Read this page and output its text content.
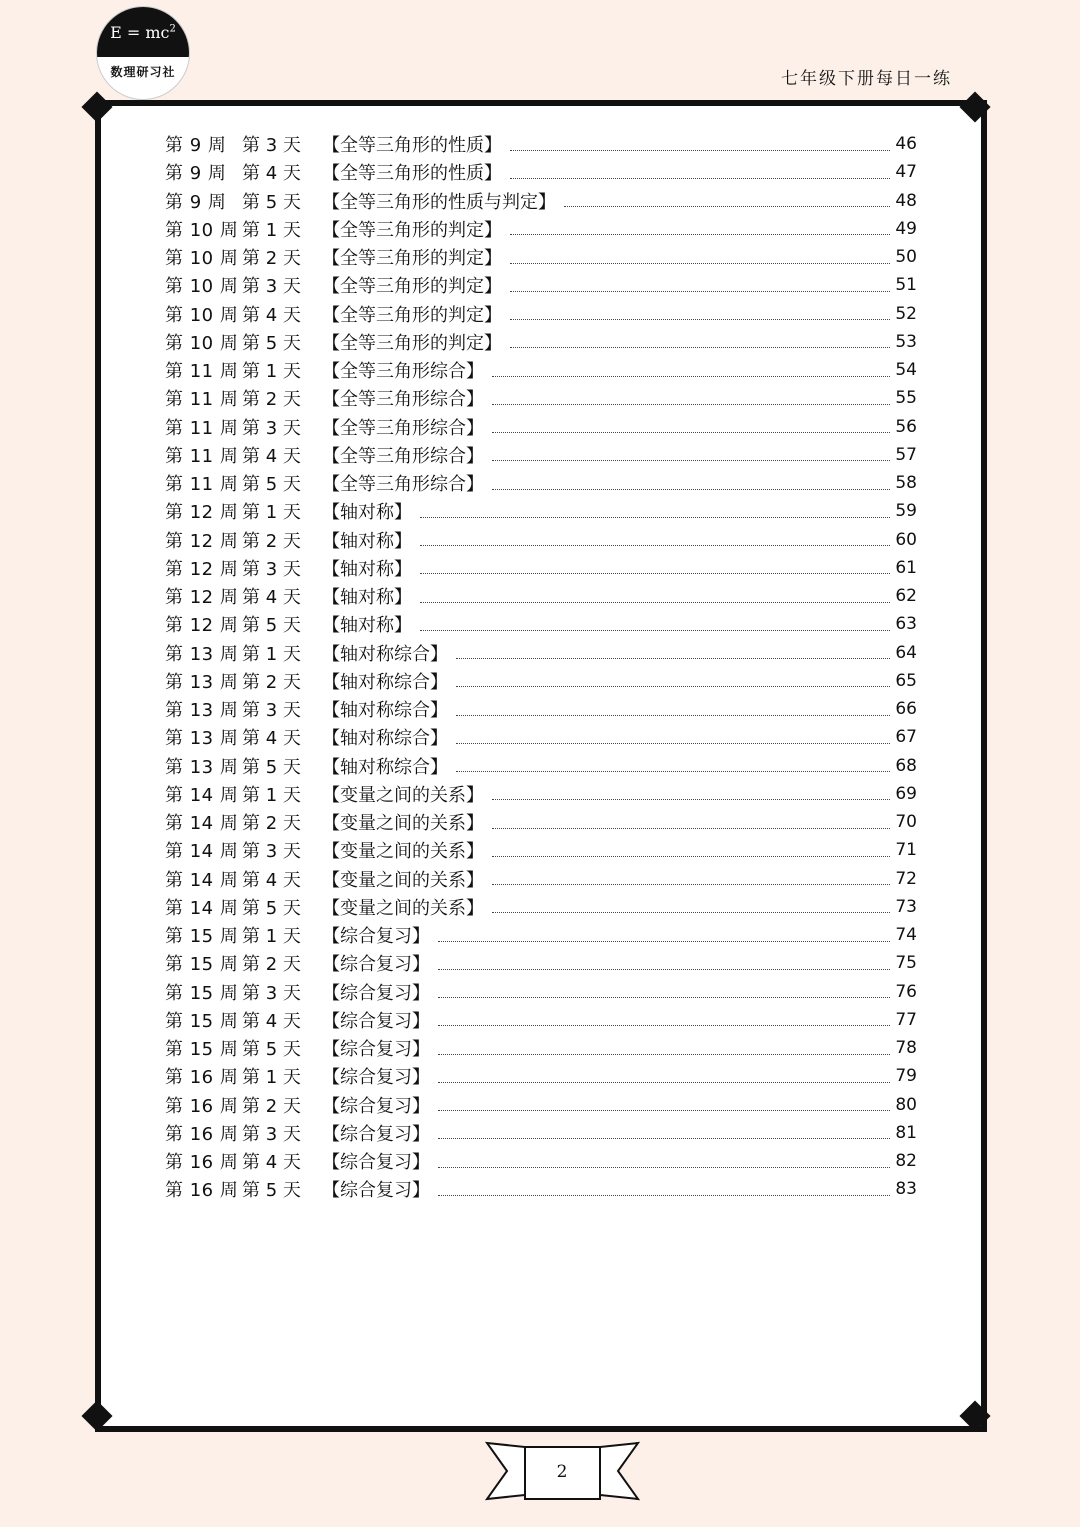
$E = mc^2$
数理研习社	七年级下册每日一练
第 9 周 第 3 天	【全等三角形的性质】	46
第 9 周 第 4 天	【全等三角形的性质】	47
第 9 周 第 5 天	【全等三角形的性质与判定】	48
第 10 周 第 1 天	【全等三角形的判定】	49
第 10 周 第 2 天	【全等三角形的判定】	50
第 10 周 第 3 天	【全等三角形的判定】	51
第 10 周 第 4 天	【全等三角形的判定】	52
第 10 周 第 5 天	【全等三角形的判定】	53
第 11 周 第 1 天	【全等三角形综合】	54
第 11 周 第 2 天	【全等三角形综合】	55
第 11 周 第 3 天	【全等三角形综合】	56
第 11 周 第 4 天	【全等三角形综合】	57
第 11 周 第 5 天	【全等三角形综合】	58
第 12 周 第 1 天	【轴对称】	59
第 12 周 第 2 天	【轴对称】	60
第 12 周 第 3 天	【轴对称】	61
第 12 周 第 4 天	【轴对称】	62
第 12 周 第 5 天	【轴对称】	63
第 13 周 第 1 天	【轴对称综合】	64
第 13 周 第 2 天	【轴对称综合】	65
第 13 周 第 3 天	【轴对称综合】	66
第 13 周 第 4 天	【轴对称综合】	67
第 13 周 第 5 天	【轴对称综合】	68
第 14 周 第 1 天	【变量之间的关系】	69
第 14 周 第 2 天	【变量之间的关系】	70
第 14 周 第 3 天	【变量之间的关系】	71
第 14 周 第 4 天	【变量之间的关系】	72
第 14 周 第 5 天	【变量之间的关系】	73
第 15 周 第 1 天	【综合复习】	74
第 15 周 第 2 天	【综合复习】	75
第 15 周 第 3 天	【综合复习】	76
第 15 周 第 4 天	【综合复习】	77
第 15 周 第 5 天	【综合复习】	78
第 16 周 第 1 天	【综合复习】	79
第 16 周 第 2 天	【综合复习】	80
第 16 周 第 3 天	【综合复习】	81
第 16 周 第 4 天	【综合复习】	82
第 16 周 第 5 天	【综合复习】	83
2
